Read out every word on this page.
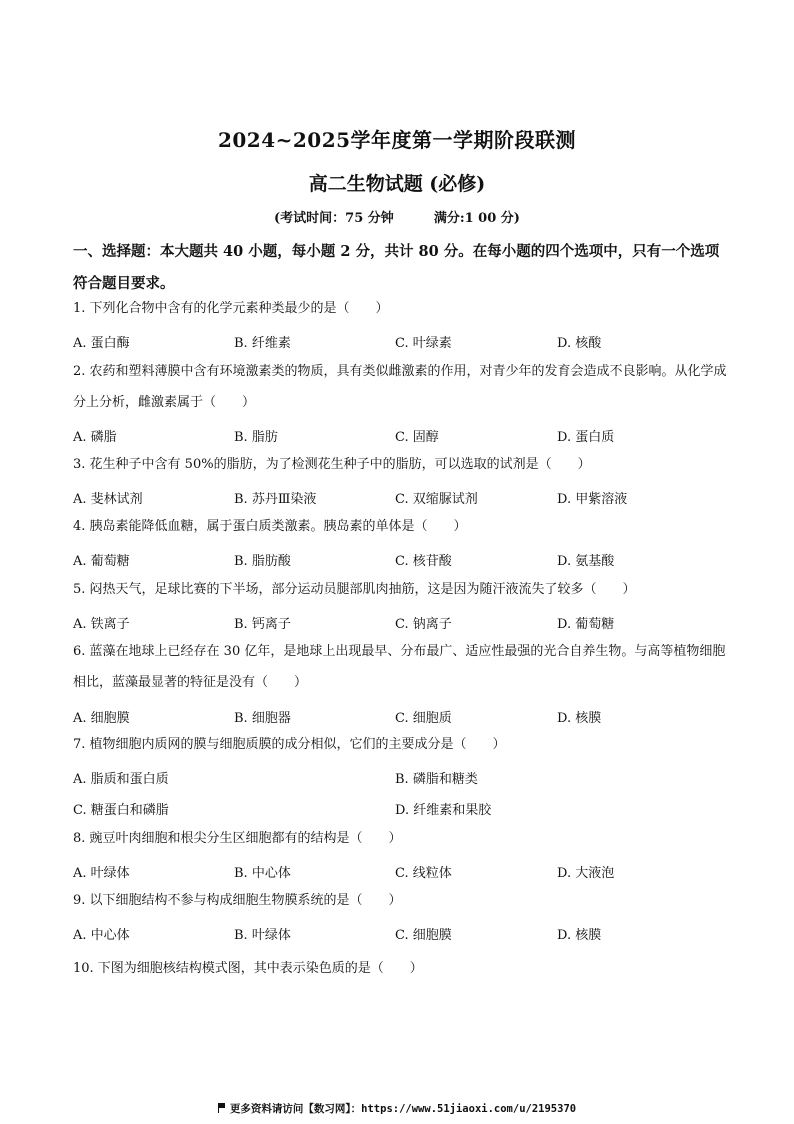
2024~2025学年度第一学期阶段联测
高二生物试题 (必修)
(考试时间：75 分钟	满分:1 00 分)
一、选择题：本大题共 40 小题，每小题 2 分，共计 80 分。在每小题的四个选项中，只有一个选项符合题目要求。
1. 下列化合物中含有的化学元素种类最少的是（　　）
A. 蛋白酶	B. 纤维素	C. 叶绿素	D. 核酸
2. 农药和塑料薄膜中含有环境激素类的物质，具有类似雌激素的作用，对青少年的发育会造成不良影响。从化学成分上分析，雌激素属于（　　）
A. 磷脂	B. 脂肪	C. 固醇	D. 蛋白质
3. 花生种子中含有 50%的脂肪，为了检测花生种子中的脂肪，可以选取的试剂是（　　）
A. 斐林试剂	B. 苏丹Ⅲ染液	C. 双缩脲试剂	D. 甲紫溶液
4. 胰岛素能降低血糖，属于蛋白质类激素。胰岛素的单体是（　　）
A. 葡萄糖	B. 脂肪酸	C. 核苷酸	D. 氨基酸
5. 闷热天气，足球比赛的下半场，部分运动员腿部肌肉抽筋，这是因为随汗液流失了较多（　　）
A. 铁离子	B. 钙离子	C. 钠离子	D. 葡萄糖
6. 蓝藻在地球上已经存在 30 亿年，是地球上出现最早、分布最广、适应性最强的光合自养生物。与高等植物细胞相比，蓝藻最显著的特征是没有（　　）
A. 细胞膜	B. 细胞器	C. 细胞质	D. 核膜
7. 植物细胞内质网的膜与细胞质膜的成分相似，它们的主要成分是（　　）
A. 脂质和蛋白质	B. 磷脂和糖类
C. 糖蛋白和磷脂	D. 纤维素和果胶
8. 豌豆叶肉细胞和根尖分生区细胞都有的结构是（　　）
A. 叶绿体	B. 中心体	C. 线粒体	D. 大液泡
9. 以下细胞结构不参与构成细胞生物膜系统的是（　　）
A. 中心体	B. 叶绿体	C. 细胞膜	D. 核膜
10. 下图为细胞核结构模式图，其中表示染色质的是（　　）
更多资料请访问【数习网】：https://www.51jiaoxi.com/u/2195370
